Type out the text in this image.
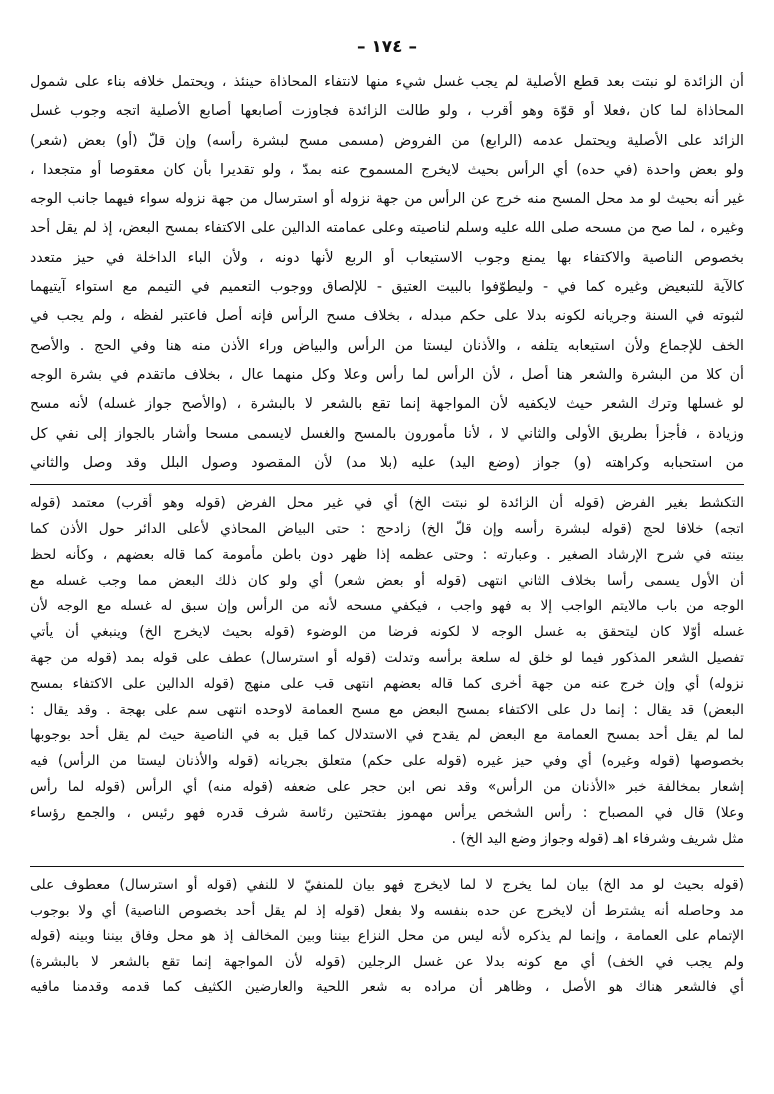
– ١٧٤ –
أن الزائدة لو نبتت بعد قطع الأصلية لم يجب غسل شيء منها لانتفاء المحاذاة حينئذ ، ويحتمل خلافه بناء على شمول
المحاذاة لما كان ،فعلا أو قوّة وهو أقرب ، ولو طالت الزائدة فجاوزت أصابعها أصابع الأصلية اتجه وجوب غسل
الزائد على الأصلية ويحتمل عدمه (الرابع) من الفروض (مسمى مسح لبشرة رأسه) وإن قلّ (أو) بعض (شعر)
ولو بعض واحدة (في حده) أي الرأس بحيث لايخرج المسموح عنه بمدّ ، ولو تقديرا بأن كان معقوصا أو متجعدا ،
غير أنه بحيث لو مد محل المسح منه خرج عن الرأس من جهة نزوله أو استرسال من جهة نزوله سواء فيهما جانب الوجه
وغيره ، لما صح من مسحه صلى الله عليه وسلم لناصيته وعلى عمامته الدالين على الاكتفاء بمسح البعض، إذ لم يقل أحد
بخصوص الناصية والاكتفاء بها يمنع وجوب الاستيعاب أو الربع لأنها دونه ، ولأن الباء الداخلة في حيز متعدد
كالآية للتبعيض وغيره كما في - وليطوّفوا بالبيت العتيق - للإلصاق ووجوب التعميم في التيمم مع استواء آيتيهما
لثبوته في السنة وجريانه لكونه بدلا على حكم مبدله ، بخلاف مسح الرأس فإنه أصل فاعتبر لفظه ، ولم يجب في
الخف للإجماع ولأن استيعابه يتلفه ، والأذنان ليستا من الرأس والبياض وراء الأذن منه هنا وفي الحج . والأصح
أن كلا من البشرة والشعر هنا أصل ، لأن الرأس لما رأس وعلا وكل منهما عال ، بخلاف ماتقدم في بشرة الوجه
لو غسلها وترك الشعر حيث لايكفيه لأن المواجهة إنما تقع بالشعر لا بالبشرة ، (والأصح جواز غسله) لأنه مسح
وزيادة ، فأجزأ بطريق الأولى والثاني لا ، لأنا مأمورون بالمسح والغسل لايسمى مسحا وأشار بالجواز إلى نفي كل
من استحبابه وكراهته (و) جواز (وضع اليد) عليه (بلا مد) لأن المقصود وصول البلل وقد وصل والثاني
التكشط بغير الفرض (قوله أن الزائدة لو نبتت الخ) أي في غير محل الفرض (قوله وهو أقرب) معتمد (قوله
اتجه) خلافا لحج (قوله لبشرة رأسه وإن قلّ الخ) زادحج : حتى البياض المحاذي لأعلى الدائر حول الأذن كما
بينته في شرح الإرشاد الصغير . وعبارته : وحتى عظمه إذا ظهر دون باطن مأمومة كما قاله بعضهم ، وكأنه لحظ
أن الأول يسمى رأسا بخلاف الثاني انتهى (قوله أو بعض شعر) أي ولو كان ذلك البعض مما وجب غسله مع
الوجه من باب مالايتم الواجب إلا به فهو واجب ، فيكفي مسحه لأنه من الرأس وإن سبق له غسله مع الوجه لأن
غسله أوّلا كان ليتحقق به غسل الوجه لا لكونه فرضا من الوضوء (قوله بحيث لايخرج الخ) وينبغي أن يأتي
تفصيل الشعر المذكور فيما لو خلق له سلعة برأسه وتدلت (قوله أو استرسال) عطف على قوله بمد (قوله من جهة
نزوله) أي وإن خرج عنه من جهة أخرى كما قاله بعضهم انتهى قب على منهج (قوله الدالين على الاكتفاء بمسح
البعض) قد يقال : إنما دل على الاكتفاء بمسح البعض مع مسح العمامة لاوحده انتهى سم على بهجة . وقد يقال :
لما لم يقل أحد بمسح العمامة مع البعض لم يقدح في الاستدلال كما قيل به في الناصية حيث لم يقل أحد بوجوبها
بخصوصها (قوله وغيره) أي وفي حيز غيره (قوله على حكم) متعلق بجريانه (قوله والأذنان ليستا من الرأس) فيه
إشعار بمخالفة خبر «الأذنان من الرأس» وقد نص ابن حجر على ضعفه (قوله منه) أي الرأس (قوله لما رأس
وعلا) قال في المصباح : رأس الشخص يرأس مهموز بفتحتين رئاسة شرف قدره فهو رئيس ، والجمع رؤساء
مثل شريف وشرفاء اهـ (قوله وجواز وضع اليد الخ) .
(قوله بحيث لو مد الخ) بيان لما يخرج لا لما لايخرج فهو بيان للمنفيّ لا للنفي (قوله أو استرسال) معطوف على
مد وحاصله أنه يشترط أن لايخرج عن حده بنفسه ولا بفعل (قوله إذ لم يقل أحد بخصوص الناصية) أي ولا بوجوب
الإتمام على العمامة ، وإنما لم يذكره لأنه ليس من محل النزاع بيننا وبين المخالف إذ هو محل وفاق بيننا وبينه (قوله
ولم يجب في الخف) أي مع كونه بدلا عن غسل الرجلين (قوله لأن المواجهة إنما تقع بالشعر لا بالبشرة)
أي فالشعر هناك هو الأصل ، وظاهر أن مراده به شعر اللحية والعارضين الكثيف كما قدمه وقدمنا مافيه
